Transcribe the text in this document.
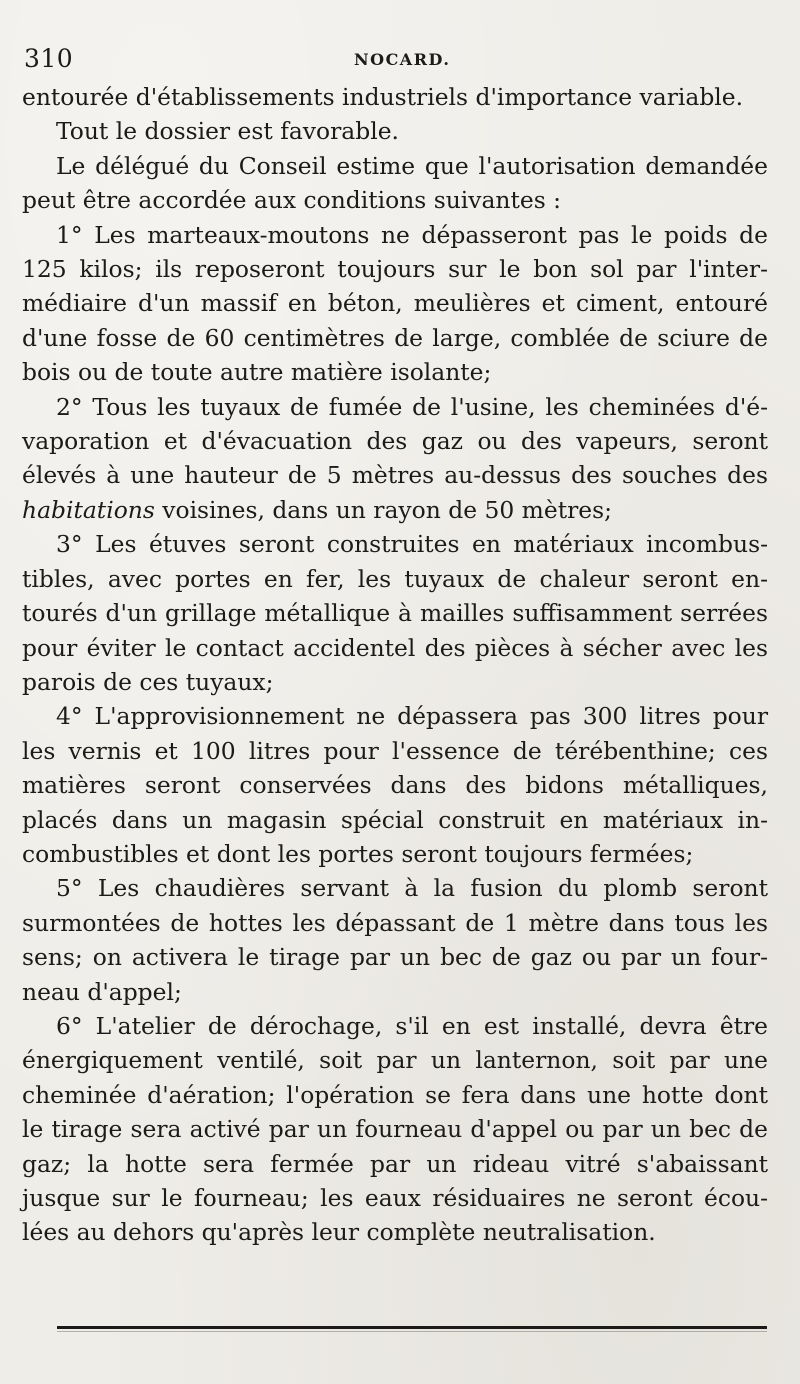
310	NOCARD.

entourée d'établissements industriels d'importance variable.

Tout le dossier est favorable.

Le délégué du Conseil estime que l'autorisation demandée peut être accordée aux conditions suivantes :

1° Les marteaux-moutons ne dépasseront pas le poids de 125 kilos; ils reposeront toujours sur le bon sol par l'intermédiaire d'un massif en béton, meulières et ciment, entouré d'une fosse de 60 centimètres de large, comblée de sciure de bois ou de toute autre matière isolante;

2° Tous les tuyaux de fumée de l'usine, les cheminées d'évaporation et d'évacuation des gaz ou des vapeurs, seront élevés à une hauteur de 5 mètres au-dessus des souches des habitations voisines, dans un rayon de 50 mètres;

3° Les étuves seront construites en matériaux incombustibles, avec portes en fer, les tuyaux de chaleur seront entourés d'un grillage métallique à mailles suffisamment serrées pour éviter le contact accidentel des pièces à sécher avec les parois de ces tuyaux;

4° L'approvisionnement ne dépassera pas 300 litres pour les vernis et 100 litres pour l'essence de térébenthine; ces matières seront conservées dans des bidons métalliques, placés dans un magasin spécial construit en matériaux incombustibles et dont les portes seront toujours fermées;

5° Les chaudières servant à la fusion du plomb seront surmontées de hottes les dépassant de 1 mètre dans tous les sens; on activera le tirage par un bec de gaz ou par un fourneau d'appel;

6° L'atelier de dérochage, s'il en est installé, devra être énergiquement ventilé, soit par un lanternon, soit par une cheminée d'aération; l'opération se fera dans une hotte dont le tirage sera activé par un fourneau d'appel ou par un bec de gaz; la hotte sera fermée par un rideau vitré s'abaissant jusque sur le fourneau; les eaux résiduaires ne seront écoulées au dehors qu'après leur complète neutralisation.
